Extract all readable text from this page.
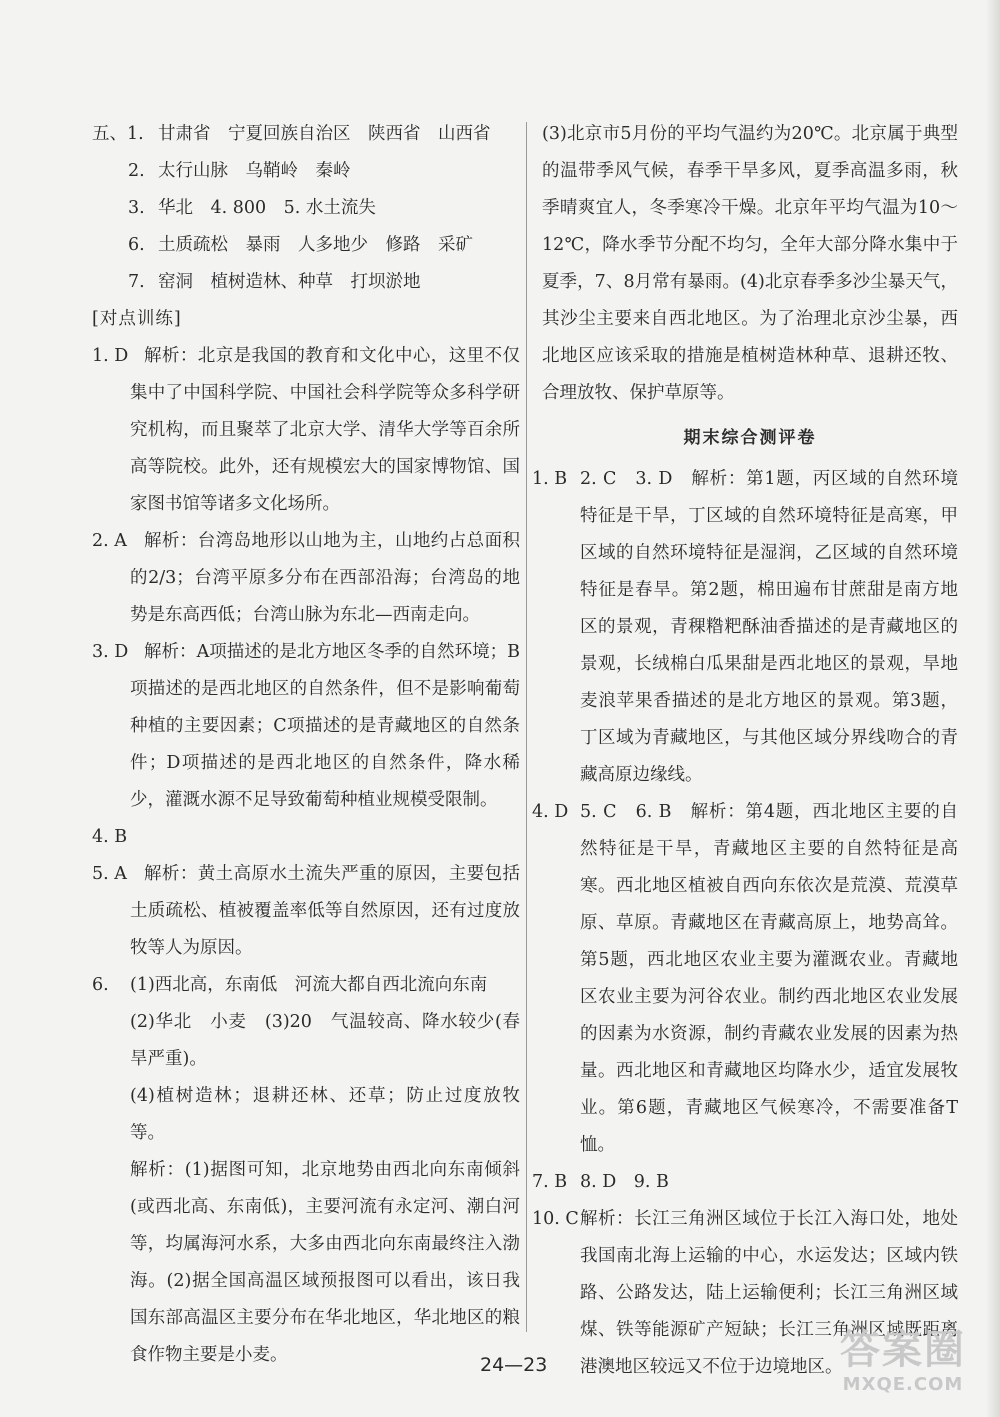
五、1. 甘肃省　宁夏回族自治区　陕西省　山西省
2. 太行山脉　乌鞘岭　秦岭
3. 华北　4. 800　5. 水土流失
6. 土质疏松　暴雨　人多地少　修路　采矿
7. 窑洞　植树造林、种草　打坝淤地
[对点训练]
1. D 解析：北京是我国的教育和文化中心，这里不仅集中了中国科学院、中国社会科学院等众多科学研究机构，而且聚萃了北京大学、清华大学等百余所高等院校。此外，还有规模宏大的国家博物馆、国家图书馆等诸多文化场所。
2. A 解析：台湾岛地形以山地为主，山地约占总面积的2/3；台湾平原多分布在西部沿海；台湾岛的地势是东高西低；台湾山脉为东北—西南走向。
3. D 解析：A项描述的是北方地区冬季的自然环境；B项描述的是西北地区的自然条件，但不是影响葡萄种植的主要因素；C项描述的是青藏地区的自然条件；D项描述的是西北地区的自然条件，降水稀少，灌溉水源不足导致葡萄种植业规模受限制。
4. B

5. A 解析：黄土高原水土流失严重的原因，主要包括土质疏松、植被覆盖率低等自然原因，还有过度放牧等人为原因。
6. (1)西北高，东南低　河流大都自西北流向东南

(2)华北　小麦　(3)20　气温较高、降水较少(春旱严重)。

(4)植树造林；退耕还林、还草；防止过度放牧等。

解析：(1)据图可知，北京地势由西北向东南倾斜(或西北高、东南低)，主要河流有永定河、潮白河等，均属海河水系，大多由西北向东南最终注入渤海。(2)据全国高温区域预报图可以看出，该日我国东部高温区主要分布在华北地区，华北地区的粮食作物主要是小麦。

(3)北京市5月份的平均气温约为20℃。北京属于典型的温带季风气候，春季干旱多风，夏季高温多雨，秋季晴爽宜人，冬季寒冷干燥。北京年平均气温为10～12℃，降水季节分配不均匀，全年大部分降水集中于夏季，7、8月常有暴雨。(4)北京春季多沙尘暴天气，其沙尘主要来自西北地区。为了治理北京沙尘暴，西北地区应该采取的措施是植树造林种草、退耕还牧、合理放牧、保护草原等。

期末综合测评卷
1. B 2. C　3. D　解析：第1题，丙区域的自然环境特征是干旱，丁区域的自然环境特征是高寒，甲区域的自然环境特征是湿润，乙区域的自然环境特征是春旱。第2题，棉田遍布甘蔗甜是南方地区的景观，青稞糌粑酥油香描述的是青藏地区的景观，长绒棉白瓜果甜是西北地区的景观，旱地麦浪苹果香描述的是北方地区的景观。第3题，丁区域为青藏地区，与其他区域分界线吻合的青藏高原边缘线。
4. D 5. C　6. B　解析：第4题，西北地区主要的自然特征是干旱，青藏地区主要的自然特征是高寒。西北地区植被自西向东依次是荒漠、荒漠草原、草原。青藏地区在青藏高原上，地势高耸。第5题，西北地区农业主要为灌溉农业。青藏地区农业主要为河谷农业。制约西北地区农业发展的因素为水资源，制约青藏农业发展的因素为热量。西北地区和青藏地区均降水少，适宜发展牧业。第6题，青藏地区气候寒冷，不需要准备T恤。
7. B 8. D　9. B
10. C 解析：长江三角洲区域位于长江入海口处，地处我国南北海上运输的中心，水运发达；区域内铁路、公路发达，陆上运输便利；长江三角洲区域煤、铁等能源矿产短缺；长江三角洲区域既距离港澳地区较远又不位于边境地区。
24—23	答案圈
MXQE.COM
